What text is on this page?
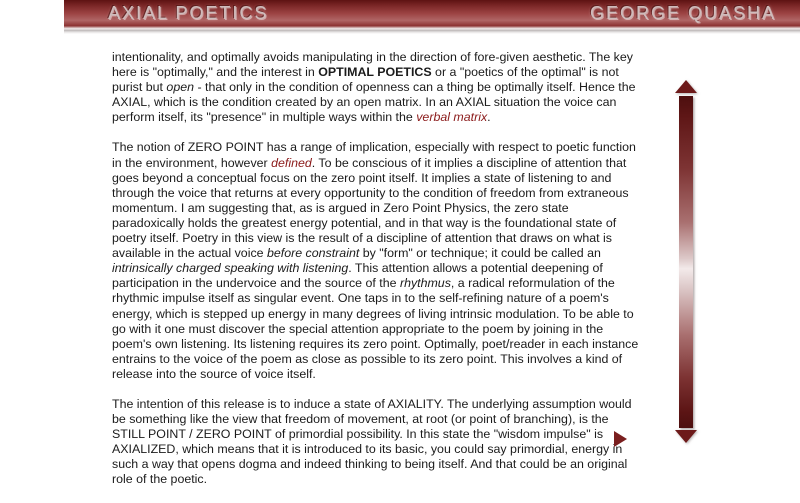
AXIAL POETICS	GEORGE QUASHA

intentionality, and optimally avoids manipulating in the direction of fore-given aesthetic. The key here is "optimally," and the interest in OPTIMAL POETICS or a "poetics of the optimal" is not purist but open - that only in the condition of openness can a thing be optimally itself. Hence the AXIAL, which is the condition created by an open matrix. In an AXIAL situation the voice can perform itself, its "presence" in multiple ways within the verbal matrix.

The notion of ZERO POINT has a range of implication, especially with respect to poetic function in the environment, however defined. To be conscious of it implies a discipline of attention that goes beyond a conceptual focus on the zero point itself. It implies a state of listening to and through the voice that returns at every opportunity to the condition of freedom from extraneous momentum. I am suggesting that, as is argued in Zero Point Physics, the zero state paradoxically holds the greatest energy potential, and in that way is the foundational state of poetry itself. Poetry in this view is the result of a discipline of attention that draws on what is available in the actual voice before constraint by "form" or technique; it could be called an intrinsically charged speaking with listening. This attention allows a potential deepening of participation in the undervoice and the source of the rhythmus, a radical reformulation of the rhythmic impulse itself as singular event. One taps in to the self-refining nature of a poem's energy, which is stepped up energy in many degrees of living intrinsic modulation. To be able to go with it one must discover the special attention appropriate to the poem by joining in the poem's own listening. Its listening requires its zero point. Optimally, poet/reader in each instance entrains to the voice of the poem as close as possible to its zero point. This involves a kind of release into the source of voice itself.

The intention of this release is to induce a state of AXIALITY. The underlying assumption would be something like the view that freedom of movement, at root (or point of branching), is the STILL POINT / ZERO POINT of primordial possibility. In this state the "wisdom impulse" is AXIALIZED, which means that it is introduced to its basic, you could say primordial, energy in such a way that opens dogma and indeed thinking to being itself. And that could be an original role of the poetic.
